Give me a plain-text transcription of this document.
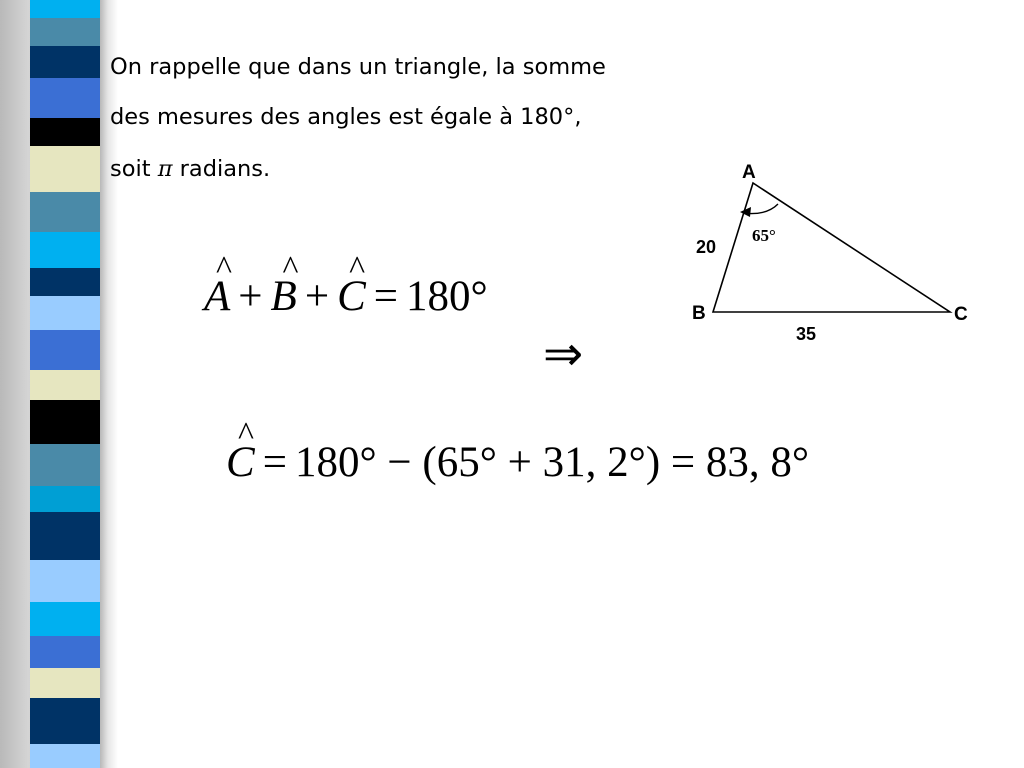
On rappelle que dans un triangle, la somme
des mesures des angles est égale à 180°,
soit π radians.
^ A + ^ B + ^ C = 180°
⇒
^ C = 180° − (65° + 31, 2°) = 83, 8°
A
B	C
20
35
65°
